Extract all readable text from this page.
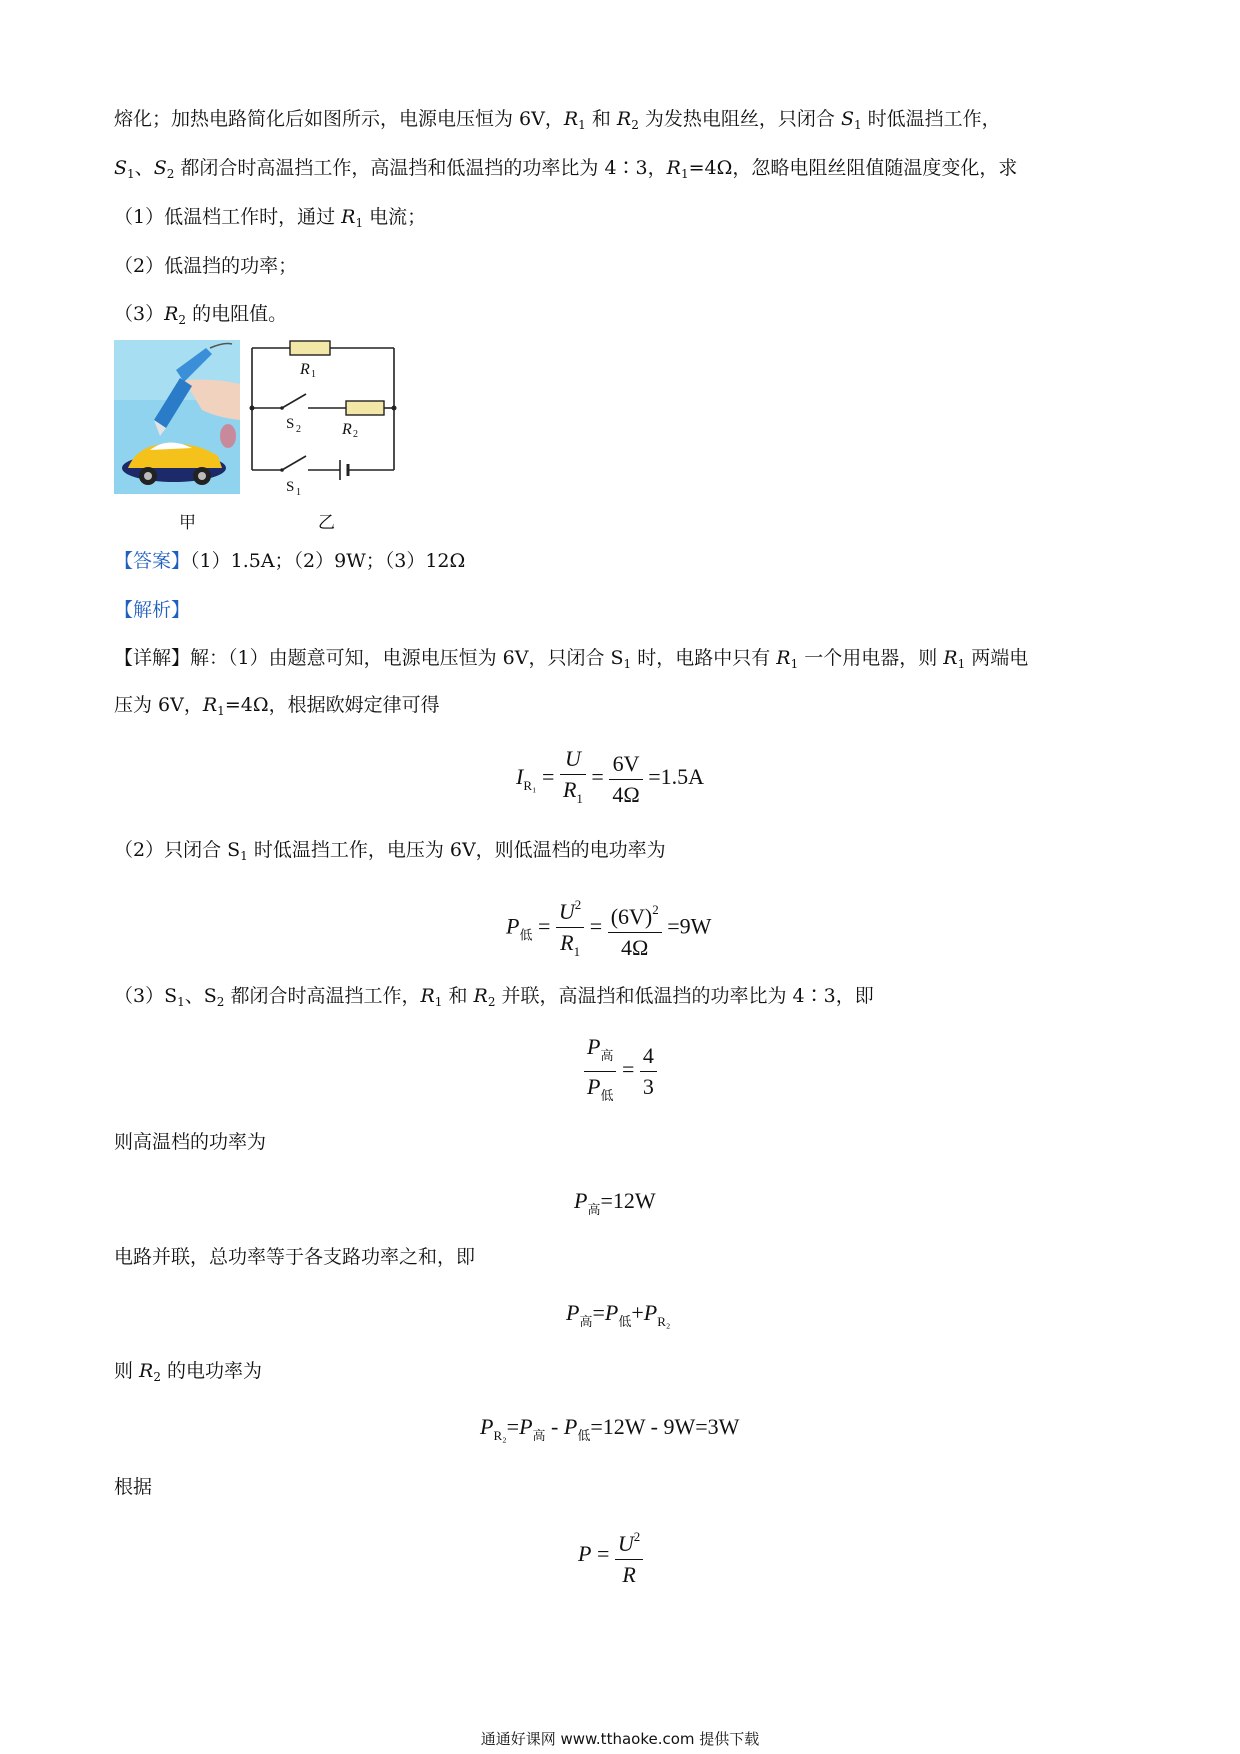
熔化；加热电路简化后如图所示，电源电压恒为 6V，$R_1$ 和 $R_2$ 为发热电阻丝，只闭合 $S_1$ 时低温挡工作，
$S_1$、$S_2$ 都闭合时高温挡工作，高温挡和低温挡的功率比为 4∶3，$R_1=4\Omega$，忽略电阻丝阻值随温度变化，求
（1）低温档工作时，通过 $R_1$ 电流；
（2）低温挡的功率；
$(3)R_2$ 的电阻值。
甲
R 1
S 2	R 2
S 1
乙
【答案】（1）1.5A；（2）9W；（3）12Ω
【解析】
【详解】解：（1）由题意可知，电源电压恒为 6V，只闭合 $S_1$ 时，电路中只有 $R_1$ 一个用电器，则 $R_1$ 两端电
压为 6V，$R_1=4\Omega$，根据欧姆定律可得
$I_{R_1} = \frac{U}{R_1} = \frac{6V}{4\Omega} =1.5A$
（2）只闭合 $S_1$ 时低温挡工作，电压为 6V，则低温档的电功率为
$P_低 = \frac{U^2}{R_1} = \frac{(6V)^2}{4\Omega} =9W$
$(3)S_1$、$S_2$ 都闭合时高温挡工作，$R_1$ 和 $R_2$ 并联，高温挡和低温挡的功率比为 4∶3，即
$\frac{P_高}{P_低} = \frac{4}{3}$
则高温档的功率为
$P_高=12W$
电路并联，总功率等于各支路功率之和，即
$P_高=P_低+P_{R_2}$
则 $R_2$ 的电功率为
$P_{R_2}=P_高 - P_低=12W - 9W=3W$
根据
$P = \frac{U^2}{R}$
通通好课网 www.tthaoke.com 提供下载
